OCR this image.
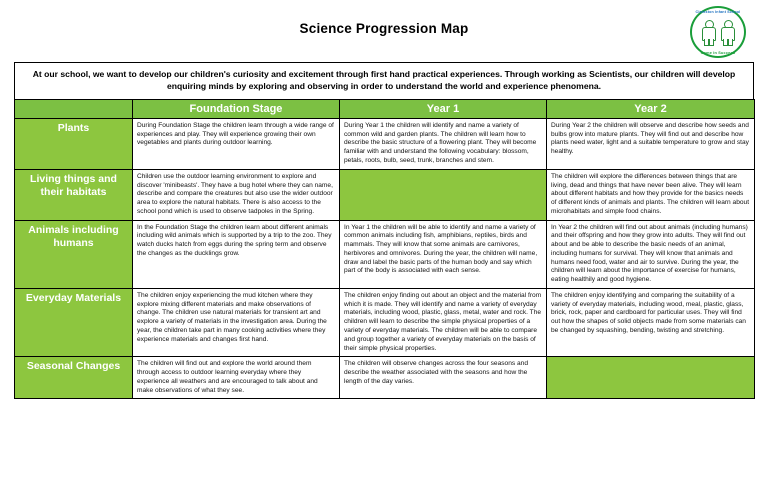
Science Progression Map
Clarkston Infant School
Come In Succeed
At our school, we want to develop our children's curiosity and excitement through first hand practical experiences. Through working as Scientists, our children will develop enquiring minds by exploring and observing in order to understand the world and experience phenomena.
	Foundation Stage	Year 1	Year 2
Plants	During Foundation Stage the children learn through a wide range of experiences and play. They will experience growing their own vegetables and plants during outdoor learning.	During Year 1 the children will identify and name a variety of common wild and garden plants. The children will learn how to describe the basic structure of a flowering plant. They will become familiar with and understand the following vocabulary: blossom, petals, roots, bulb, seed, trunk, branches and stem.	During Year 2 the children will observe and describe how seeds and bulbs grow into mature plants. They will find out and describe how plants need water, light and a suitable temperature to grow and stay healthy.
Living things and their habitats	Children use the outdoor learning environment to explore and discover 'minibeasts'. They have a bug hotel where they can name, describe and compare the creatures but also use the wider outdoor area to explore the natural habitats. There is also access to the school pond which is used to observe tadpoles in the Spring.		The children will explore the differences between things that are living, dead and things that have never been alive. They will learn about different habitats and how they provide for the basics needs of different kinds of animals and plants. The children will learn about microhabitats and simple food chains.
Animals including humans	In the Foundation Stage the children learn about different animals including wild animals which is supported by a trip to the zoo. They watch ducks hatch from eggs during the spring term and observe the changes as the ducklings grow.	In Year 1 the children will be able to identify and name a variety of common animals including fish, amphibians, reptiles, birds and mammals. They will know that some animals are carnivores, herbivores and omnivores. During the year, the children will name, draw and label the basic parts of the human body and say which part of the body is associated with each sense.	In Year 2 the children will find out about animals (including humans) and their offspring and how they grow into adults. They will find out about and be able to describe the basic needs of an animal, including humans for survival. They will know that animals and humans need food, water and air to survive. During the year, the children will learn about the importance of exercise for humans, eating healthily and good hygiene.
Everyday Materials	The children enjoy experiencing the mud kitchen where they explore mixing different materials and make observations of change. The children use natural materials for transient art and explore a variety of materials in the investigation area. During the year, the children take part in many cooking activities where they experience materials and changes first hand.	The children enjoy finding out about an object and the material from which it is made. They will identify and name a variety of everyday materials, including wood, plastic, glass, metal, water and rock. The children will learn to describe the simple physical properties of a variety of everyday materials. The children will be able to compare and group together a variety of everyday materials on the basis of their simple physical properties.	The children enjoy identifying and comparing the suitability of a variety of everyday materials, including wood, meal, plastic, glass, brick, rock, paper and cardboard for particular uses. They will find out how the shapes of solid objects made from some materials can be changed by squashing, bending, twisting and stretching.
Seasonal Changes	The children will find out and explore the world around them through access to outdoor learning everyday where they experience all weathers and are encouraged to talk about and make observations of what they see.	The children will observe changes across the four seasons and describe the weather associated with the seasons and how the length of the day varies.	
